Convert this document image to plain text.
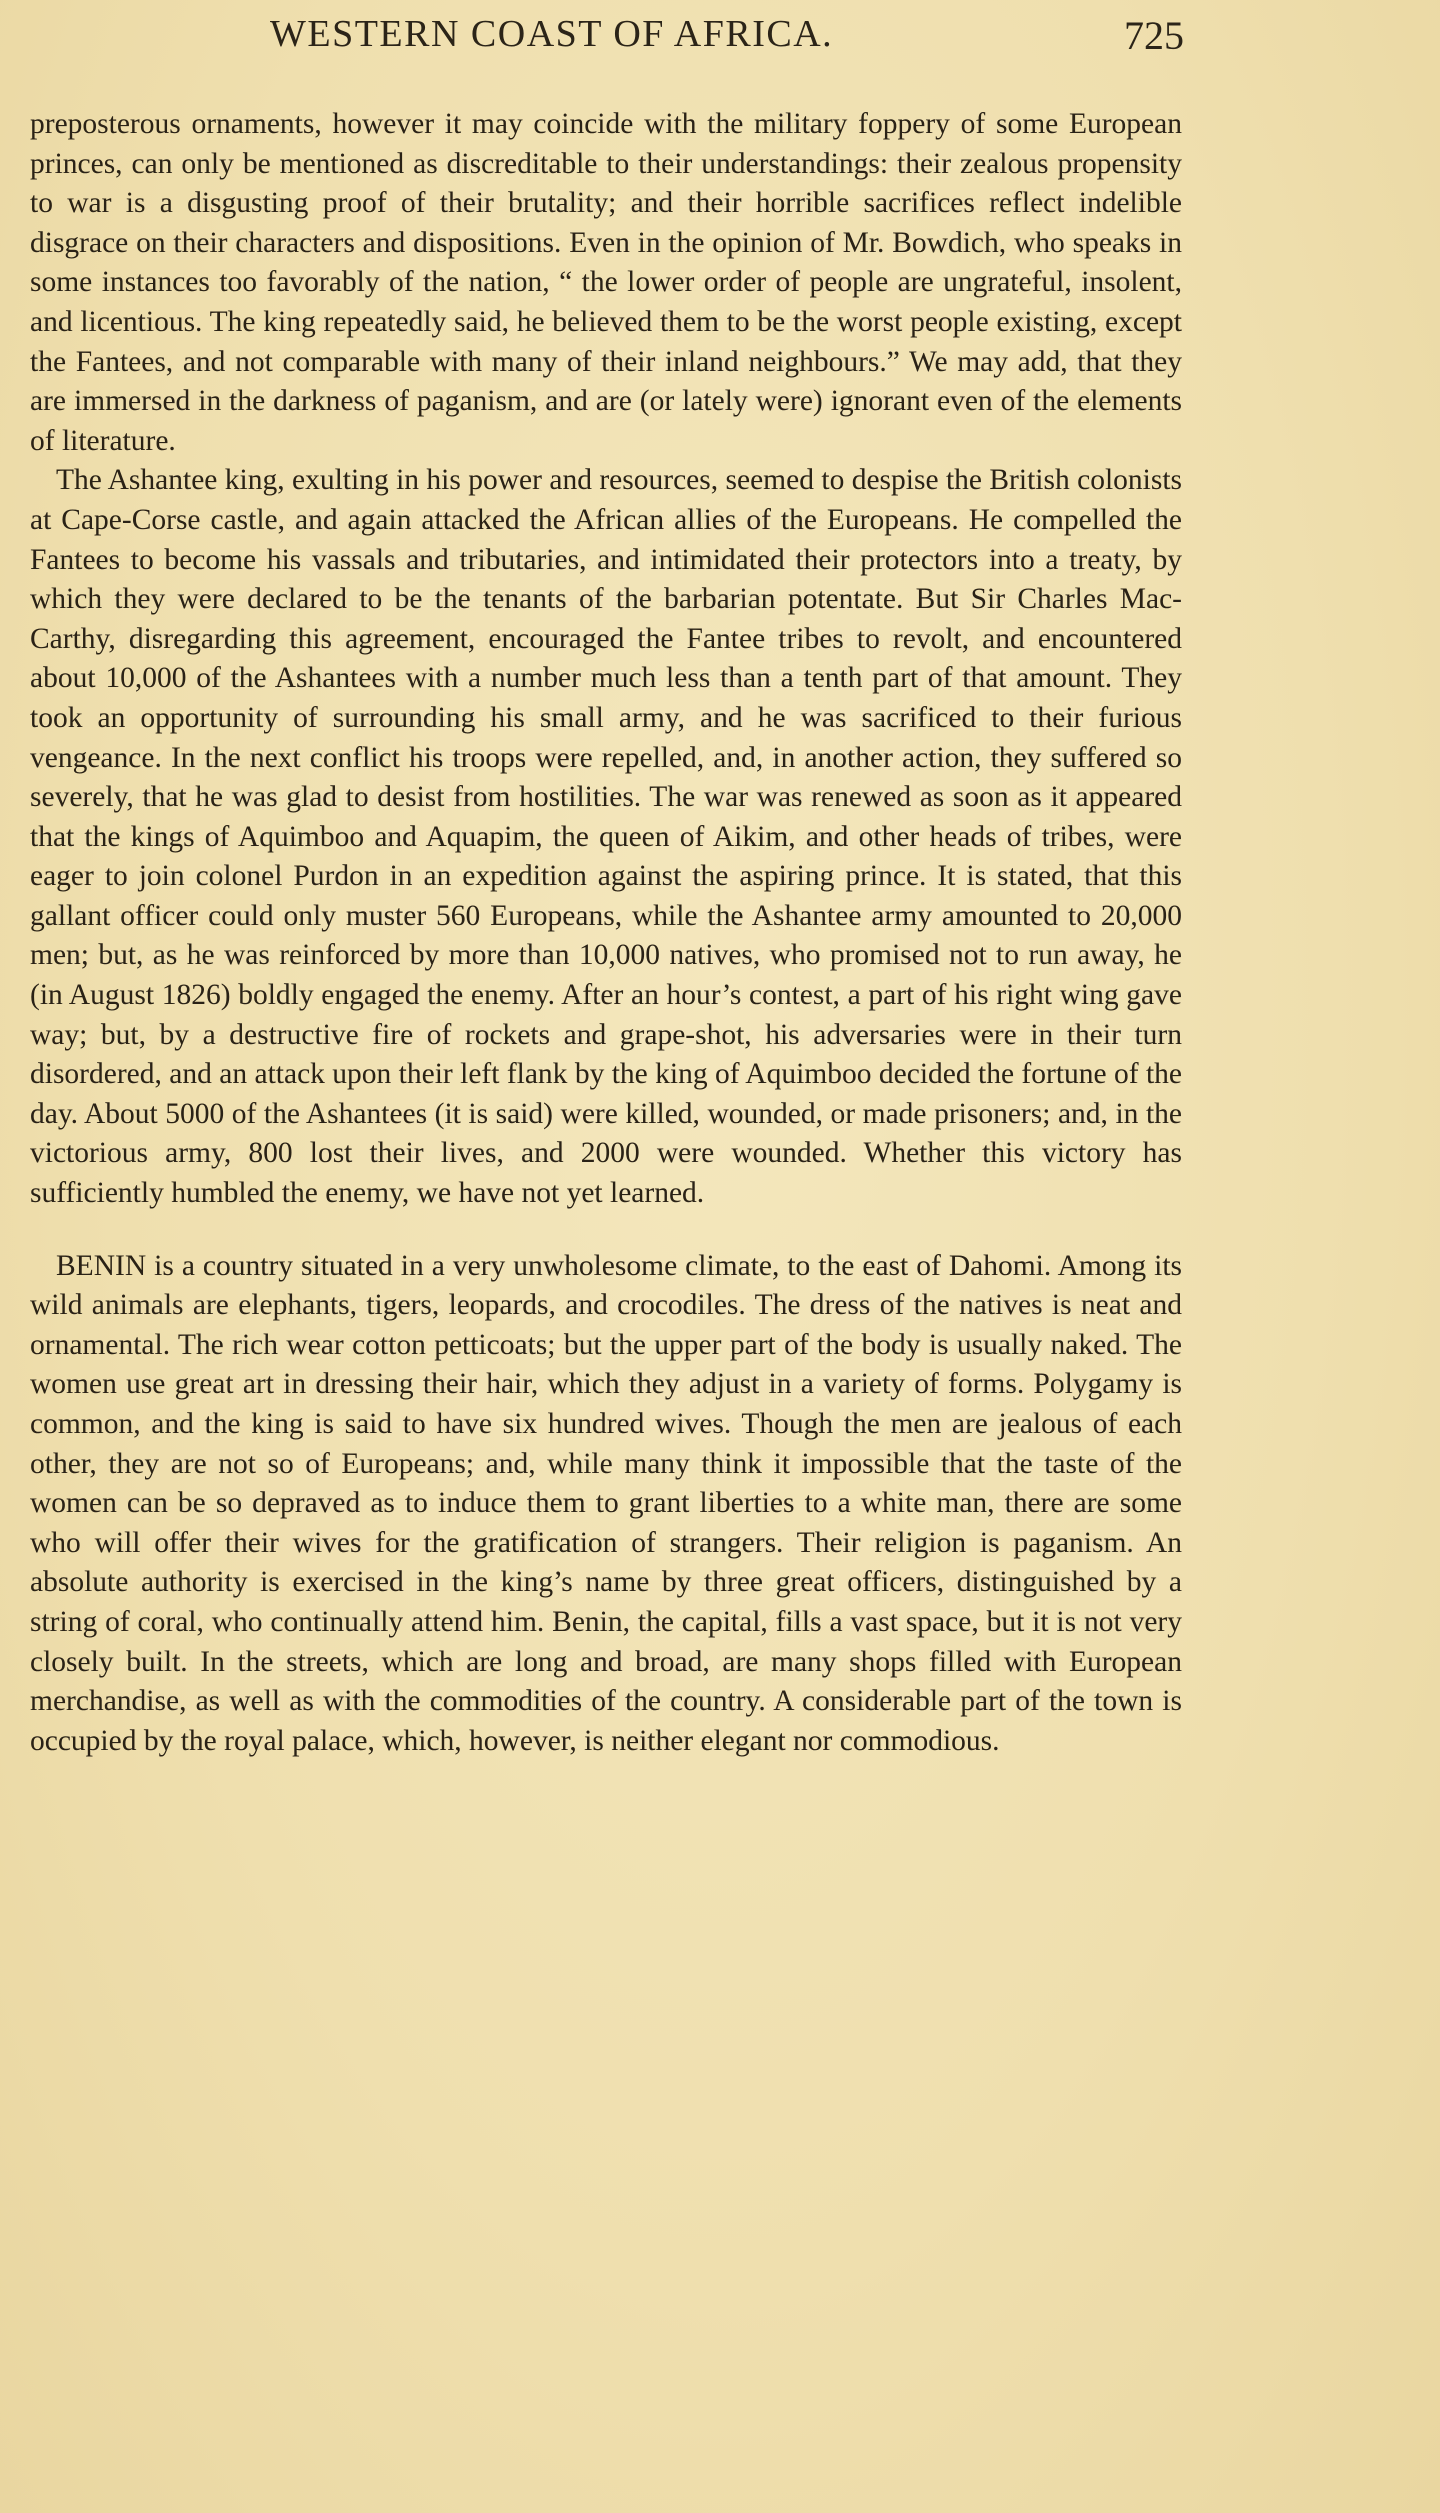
WESTERN COAST OF AFRICA.	725

preposterous ornaments, however it may coincide with the military foppery of some European princes, can only be mentioned as discreditable to their understandings: their zealous propensity to war is a disgusting proof of their brutality; and their horrible sacrifices reflect indelible disgrace on their characters and dispositions. Even in the opinion of Mr. Bowdich, who speaks in some instances too favorably of the nation, “ the lower order of people are ungrateful, insolent, and licentious. The king repeatedly said, he believed them to be the worst people existing, except the Fantees, and not comparable with many of their inland neighbours.” We may add, that they are immersed in the darkness of paganism, and are (or lately were) ignorant even of the elements of literature.

The Ashantee king, exulting in his power and resources, seemed to despise the British colonists at Cape-Corse castle, and again attacked the African allies of the Europeans. He compelled the Fantees to become his vassals and tributaries, and intimidated their protectors into a treaty, by which they were declared to be the tenants of the barbarian potentate. But Sir Charles Mac-Carthy, disregarding this agreement, encouraged the Fantee tribes to revolt, and encountered about 10,000 of the Ashantees with a number much less than a tenth part of that amount. They took an opportunity of surrounding his small army, and he was sacrificed to their furious vengeance. In the next conflict his troops were repelled, and, in another action, they suffered so severely, that he was glad to desist from hostilities. The war was renewed as soon as it appeared that the kings of Aquimboo and Aquapim, the queen of Aikim, and other heads of tribes, were eager to join colonel Purdon in an expedition against the aspiring prince. It is stated, that this gallant officer could only muster 560 Europeans, while the Ashantee army amounted to 20,000 men; but, as he was reinforced by more than 10,000 natives, who promised not to run away, he (in August 1826) boldly engaged the enemy. After an hour’s contest, a part of his right wing gave way; but, by a destructive fire of rockets and grape-shot, his adversaries were in their turn disordered, and an attack upon their left flank by the king of Aquimboo decided the fortune of the day. About 5000 of the Ashantees (it is said) were killed, wounded, or made prisoners; and, in the victorious army, 800 lost their lives, and 2000 were wounded. Whether this victory has sufficiently humbled the enemy, we have not yet learned.

BENIN is a country situated in a very unwholesome climate, to the east of Dahomi. Among its wild animals are elephants, tigers, leopards, and crocodiles. The dress of the natives is neat and ornamental. The rich wear cotton petticoats; but the upper part of the body is usually naked. The women use great art in dressing their hair, which they adjust in a variety of forms. Polygamy is common, and the king is said to have six hundred wives. Though the men are jealous of each other, they are not so of Europeans; and, while many think it impossible that the taste of the women can be so depraved as to induce them to grant liberties to a white man, there are some who will offer their wives for the gratification of strangers. Their religion is paganism. An absolute authority is exercised in the king’s name by three great officers, distinguished by a string of coral, who continually attend him. Benin, the capital, fills a vast space, but it is not very closely built. In the streets, which are long and broad, are many shops filled with European merchandise, as well as with the commodities of the country. A considerable part of the town is occupied by the royal palace, which, however, is neither elegant nor commodious.
